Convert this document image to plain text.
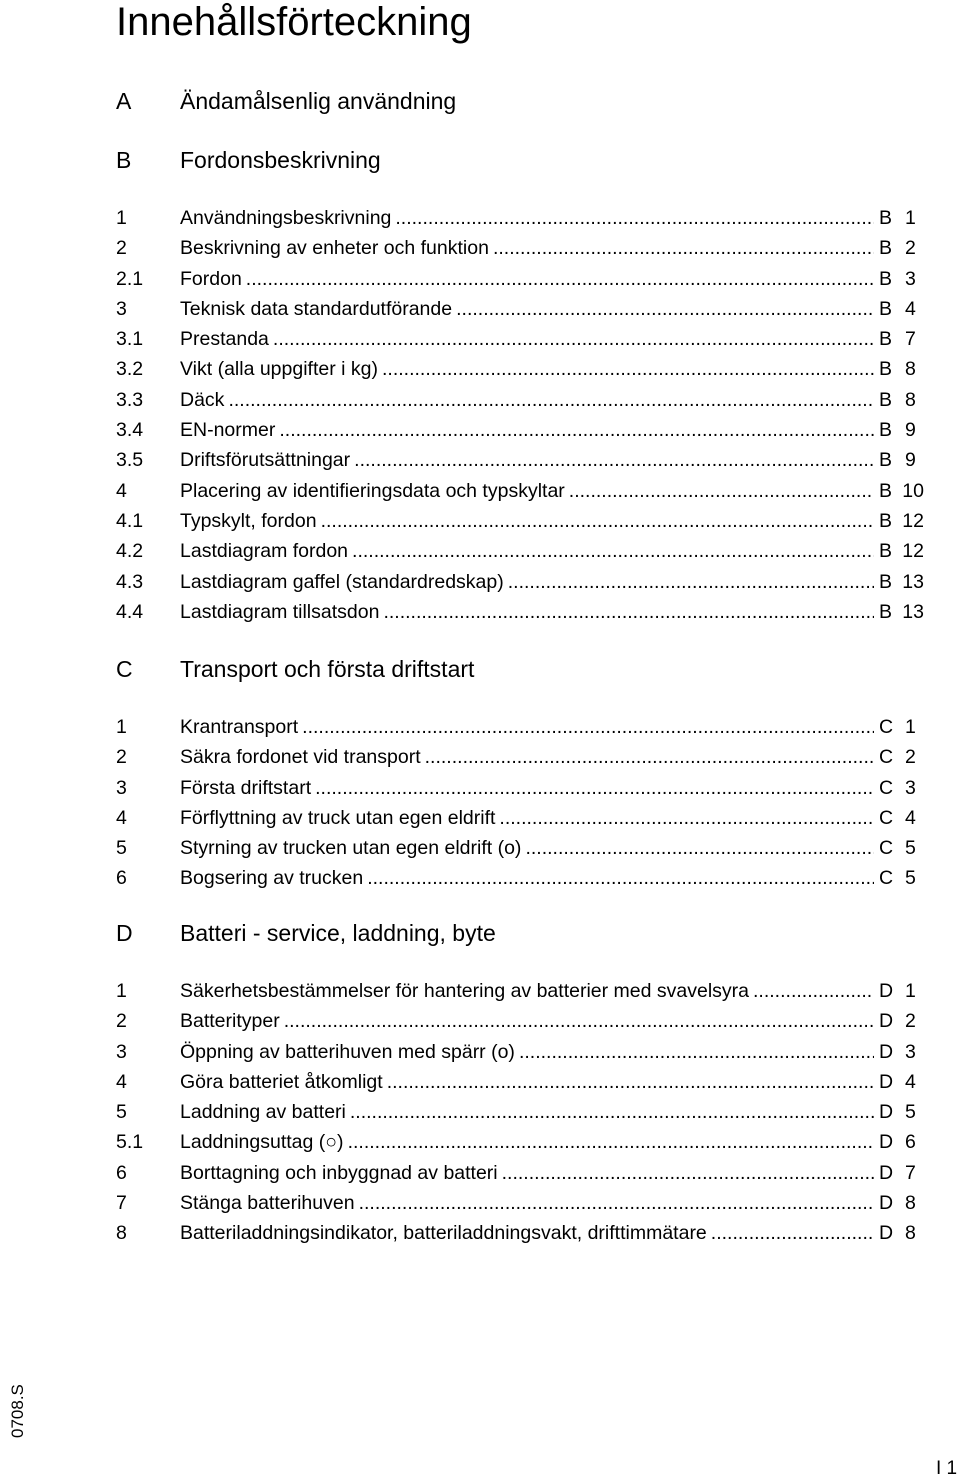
Innehållsförteckning
A Ändamålsenlig användning
B Fordonsbeskrivning
1	Användningsbeskrivning .....	B 1
2	Beskrivning av enheter och funktion .....	B 2
2.1 Fordon .....	B 3
3	Teknisk data standardutförande .....	B 4
3.1 Prestanda .....	B 7
3.2 Vikt (alla uppgifter i kg) .....	B 8
3.3 Däck .....	B 8
3.4 EN-normer .....	B 9
3.5 Driftsförutsättningar .....	B 9
4	Placering av identifieringsdata och typskyltar .....	B 10
4.1 Typskylt, fordon .....	B 12
4.2 Lastdiagram fordon .....	B 12
4.3 Lastdiagram gaffel (standardredskap) .....	B 13
4.4 Lastdiagram tillsatsdon .....	B 13
C Transport och första driftstart
1	Krantransport .....	C 1
2	Säkra fordonet vid transport .....	C 2
3	Första driftstart .....	C 3
4	Förflyttning av truck utan egen eldrift .....	C 4
5	Styrning av trucken utan egen eldrift (o) .....	C 5
6	Bogsering av trucken .....	C 5
D Batteri - service, laddning, byte
1	Säkerhetsbestämmelser för hantering av batterier med svavelsyra .....	D 1
2	Batterityper .....	D 2
3	Öppning av batterihuven med spärr (o) .....	D 3
4	Göra batteriet åtkomligt .....	D 4
5	Laddning av batteri .....	D 5
5.1 Laddningsuttag (○) .....	D 6
6	Borttagning och inbyggnad av batteri .....	D 7
7	Stänga batterihuven .....	D 8
8	Batteriladdningsindikator, batteriladdningsvakt, drifttimmätare .....	D 8
0708.S
I 1
